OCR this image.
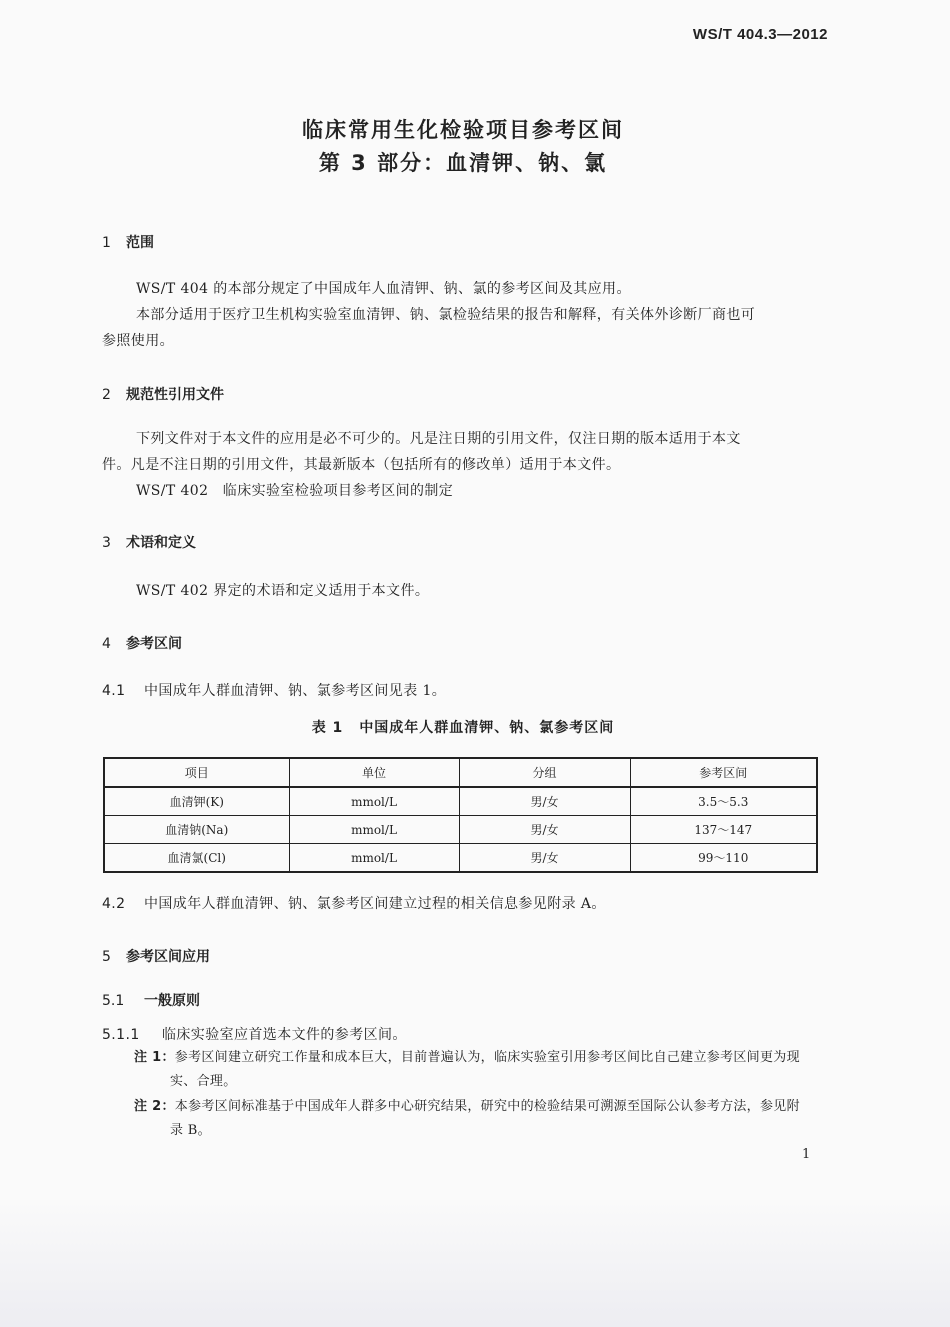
WS/T 404.3—2012
临床常用生化检验项目参考区间
第 3 部分：血清钾、钠、氯
1 范围
WS/T 404 的本部分规定了中国成年人血清钾、钠、氯的参考区间及其应用。
本部分适用于医疗卫生机构实验室血清钾、钠、氯检验结果的报告和解释，有关体外诊断厂商也可
参照使用。
2 规范性引用文件
下列文件对于本文件的应用是必不可少的。凡是注日期的引用文件，仅注日期的版本适用于本文
件。凡是不注日期的引用文件，其最新版本（包括所有的修改单）适用于本文件。
WS/T 402　临床实验室检验项目参考区间的制定
3 术语和定义
WS/T 402 界定的术语和定义适用于本文件。
4 参考区间
4.1 中国成年人群血清钾、钠、氯参考区间见表 1。
表 1 中国成年人群血清钾、钠、氯参考区间
项目	单位	分组	参考区间
血清钾(K)	mmol/L	男/女	3.5～5.3
血清钠(Na)	mmol/L	男/女	137～147
血清氯(Cl)	mmol/L	男/女	99～110
4.2 中国成年人群血清钾、钠、氯参考区间建立过程的相关信息参见附录 A。
5 参考区间应用
5.1 一般原则
5.1.1 临床实验室应首选本文件的参考区间。
注 1：参考区间建立研究工作量和成本巨大，目前普遍认为，临床实验室引用参考区间比自己建立参考区间更为现
实、合理。
注 2：本参考区间标准基于中国成年人群多中心研究结果，研究中的检验结果可溯源至国际公认参考方法，参见附
录 B。
1
